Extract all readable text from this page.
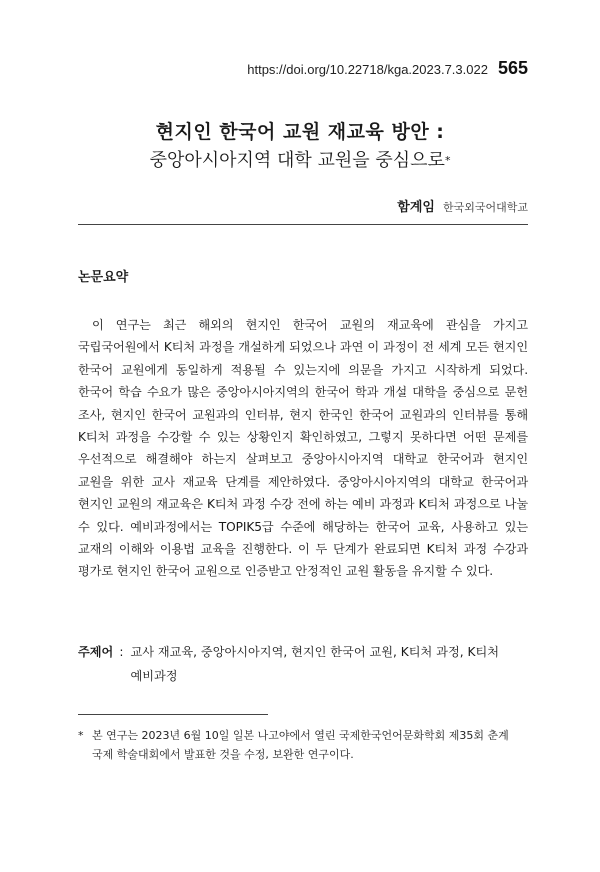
https://doi.org/10.22718/kga.2023.7.3.022 565
현지인 한국어 교원 재교육 방안 :

중앙아시아지역 대학 교원을 중심으로*

함계임 한국외국어대학교
논문요약

이 연구는 최근 해외의 현지인 한국어 교원의 재교육에 관심을 가지고 국립국어원에서 K티처 과정을 개설하게 되었으나 과연 이 과정이 전 세계 모든 현지인 한국어 교원에게 동일하게 적용될 수 있는지에 의문을 가지고 시작하게 되었다. 한국어 학습 수요가 많은 중앙아시아지역의 한국어 학과 개설 대학을 중심으로 문헌 조사, 현지인 한국어 교원과의 인터뷰, 현지 한국인 한국어 교원과의 인터뷰를 통해 K티처 과정을 수강할 수 있는 상황인지 확인하였고, 그렇지 못하다면 어떤 문제를 우선적으로 해결해야 하는지 살펴보고 중앙아시아지역 대학교 한국어과 현지인 교원을 위한 교사 재교육 단계를 제안하였다. 중앙아시아지역의 대학교 한국어과 현지인 교원의 재교육은 K티처 과정 수강 전에 하는 예비 과정과 K티처 과정으로 나눌 수 있다. 예비과정에서는 TOPIK5급 수준에 해당하는 한국어 교육, 사용하고 있는 교재의 이해와 이용법 교육을 진행한다. 이 두 단계가 완료되면 K티처 과정 수강과 평가로 현지인 한국어 교원으로 인증받고 안정적인 교원 활동을 유지할 수 있다.

주제어 : 교사 재교육, 중앙아시아지역, 현지인 한국어 교원, K티처 과정, K티처 예비과정
* 본 연구는 2023년 6월 10일 일본 나고야에서 열린 국제한국언어문화학회 제35회 춘계 국제 학술대회에서 발표한 것을 수정, 보완한 연구이다.
